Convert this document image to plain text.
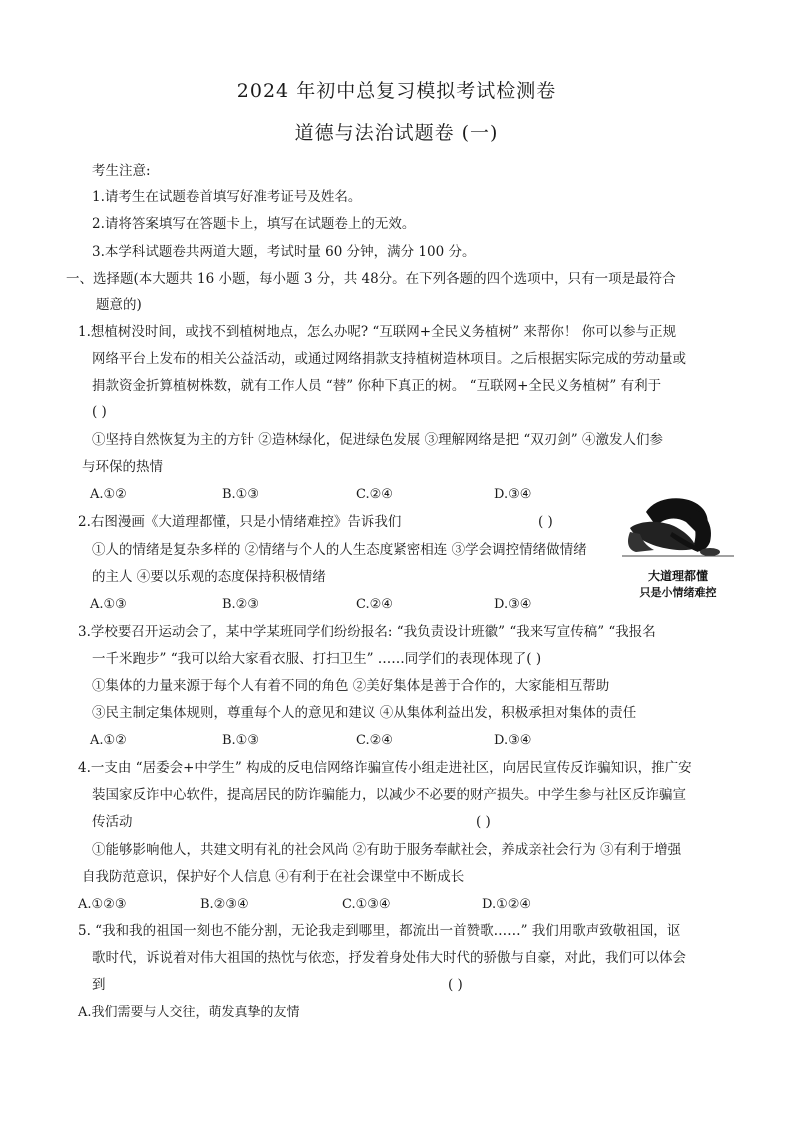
2024 年初中总复习模拟考试检测卷
道德与法治试题卷 (一)
考生注意:
1.请考生在试题卷首填写好准考证号及姓名。
2.请将答案填写在答题卡上，填写在试题卷上的无效。
3.本学科试题卷共两道大题，考试时量 60 分钟，满分 100 分。
一、选择题(本大题共 16 小题，每小题 3 分，共 48分。在下列各题的四个选项中，只有一项是最符合
题意的)
1.想植树没时间，或找不到植树地点，怎么办呢? “互联网+全民义务植树” 来帮你！ 你可以参与正规
网络平台上发布的相关公益活动，或通过网络捐款支持植树造林项目。之后根据实际完成的劳动量或
捐款资金折算植树株数，就有工作人员 “替” 你种下真正的树。 “互联网+全民义务植树” 有利于
( )
①坚持自然恢复为主的方针 ②造林绿化，促进绿色发展 ③理解网络是把 “双刃剑” ④激发人们参
与环保的热情
A.①②	B.①③	C.②④	D.③④
2.右图漫画《大道理都懂，只是小情绪难控》告诉我们	( )
①人的情绪是复杂多样的 ②情绪与个人的人生态度紧密相连 ③学会调控情绪做情绪
的主人 ④要以乐观的态度保持积极情绪
A.①③	B.②③	C.②④	D.③④
大道理都懂
只是小情绪难控
3.学校要召开运动会了，某中学某班同学们纷纷报名: “我负责设计班徽” “我来写宣传稿” “我报名
一千米跑步” “我可以给大家看衣服、打扫卫生” ……同学们的表现体现了( )
①集体的力量来源于每个人有着不同的角色 ②美好集体是善于合作的，大家能相互帮助
③民主制定集体规则，尊重每个人的意见和建议 ④从集体利益出发，积极承担对集体的责任
A.①②	B.①③	C.②④	D.③④
4.一支由 “居委会+中学生” 构成的反电信网络诈骗宣传小组走进社区，向居民宣传反诈骗知识，推广安
装国家反诈中心软件，提高居民的防诈骗能力，以减少不必要的财产损失。中学生参与社区反诈骗宣
传活动	( )
①能够影响他人，共建文明有礼的社会风尚 ②有助于服务奉献社会，养成亲社会行为 ③有利于增强
自我防范意识，保护好个人信息 ④有利于在社会课堂中不断成长
A.①②③	B.②③④	C.①③④	D.①②④
5. “我和我的祖国一刻也不能分割，无论我走到哪里，都流出一首赞歌……” 我们用歌声致敬祖国，讴
歌时代，诉说着对伟大祖国的热忱与依恋，抒发着身处伟大时代的骄傲与自豪，对此，我们可以体会
到	( )
A.我们需要与人交往，萌发真挚的友情
